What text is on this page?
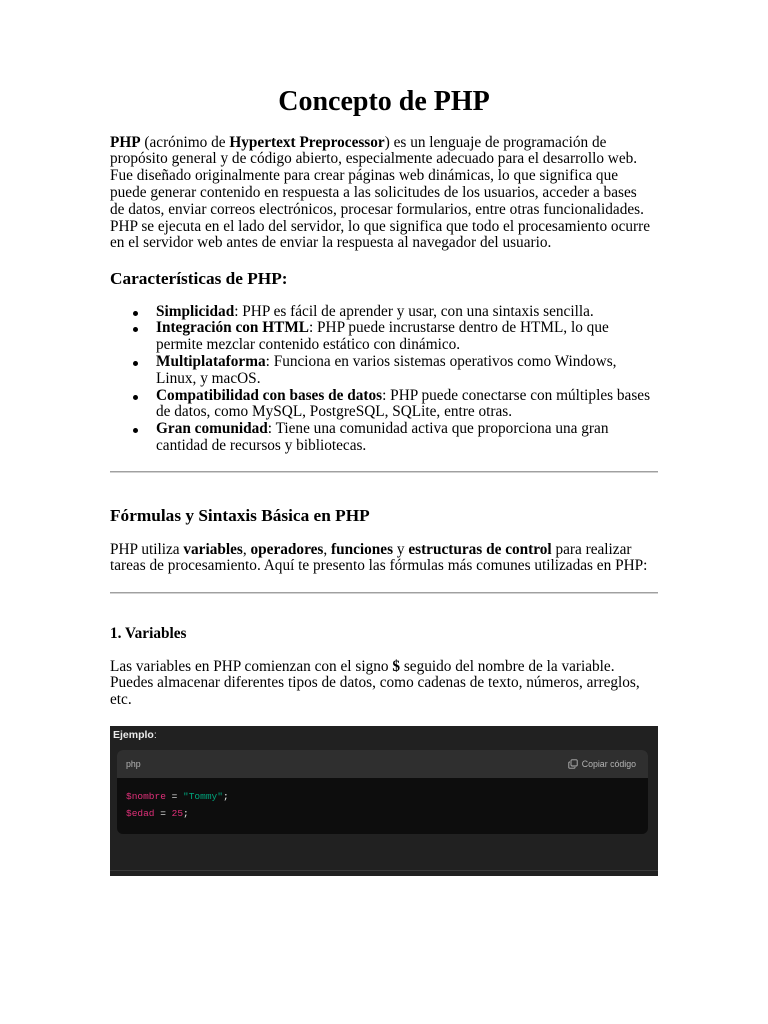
Concepto de PHP
PHP (acrónimo de Hypertext Preprocessor) es un lenguaje de programación de
propósito general y de código abierto, especialmente adecuado para el desarrollo web.
Fue diseñado originalmente para crear páginas web dinámicas, lo que significa que
puede generar contenido en respuesta a las solicitudes de los usuarios, acceder a bases
de datos, enviar correos electrónicos, procesar formularios, entre otras funcionalidades.
PHP se ejecuta en el lado del servidor, lo que significa que todo el procesamiento ocurre
en el servidor web antes de enviar la respuesta al navegador del usuario.
Características de PHP:
Simplicidad: PHP es fácil de aprender y usar, con una sintaxis sencilla.
Integración con HTML: PHP puede incrustarse dentro de HTML, lo que
permite mezclar contenido estático con dinámico.
Multiplataforma: Funciona en varios sistemas operativos como Windows,
Linux, y macOS.
Compatibilidad con bases de datos: PHP puede conectarse con múltiples bases
de datos, como MySQL, PostgreSQL, SQLite, entre otras.
Gran comunidad: Tiene una comunidad activa que proporciona una gran
cantidad de recursos y bibliotecas.
Fórmulas y Sintaxis Básica en PHP
PHP utiliza variables, operadores, funciones y estructuras de control para realizar
tareas de procesamiento. Aquí te presento las fórmulas más comunes utilizadas en PHP:
1. Variables
Las variables en PHP comienzan con el signo $ seguido del nombre de la variable.
Puedes almacenar diferentes tipos de datos, como cadenas de texto, números, arreglos,
etc.
Ejemplo:
php	Copiar código
$nombre = "Tommy";
$edad = 25;
